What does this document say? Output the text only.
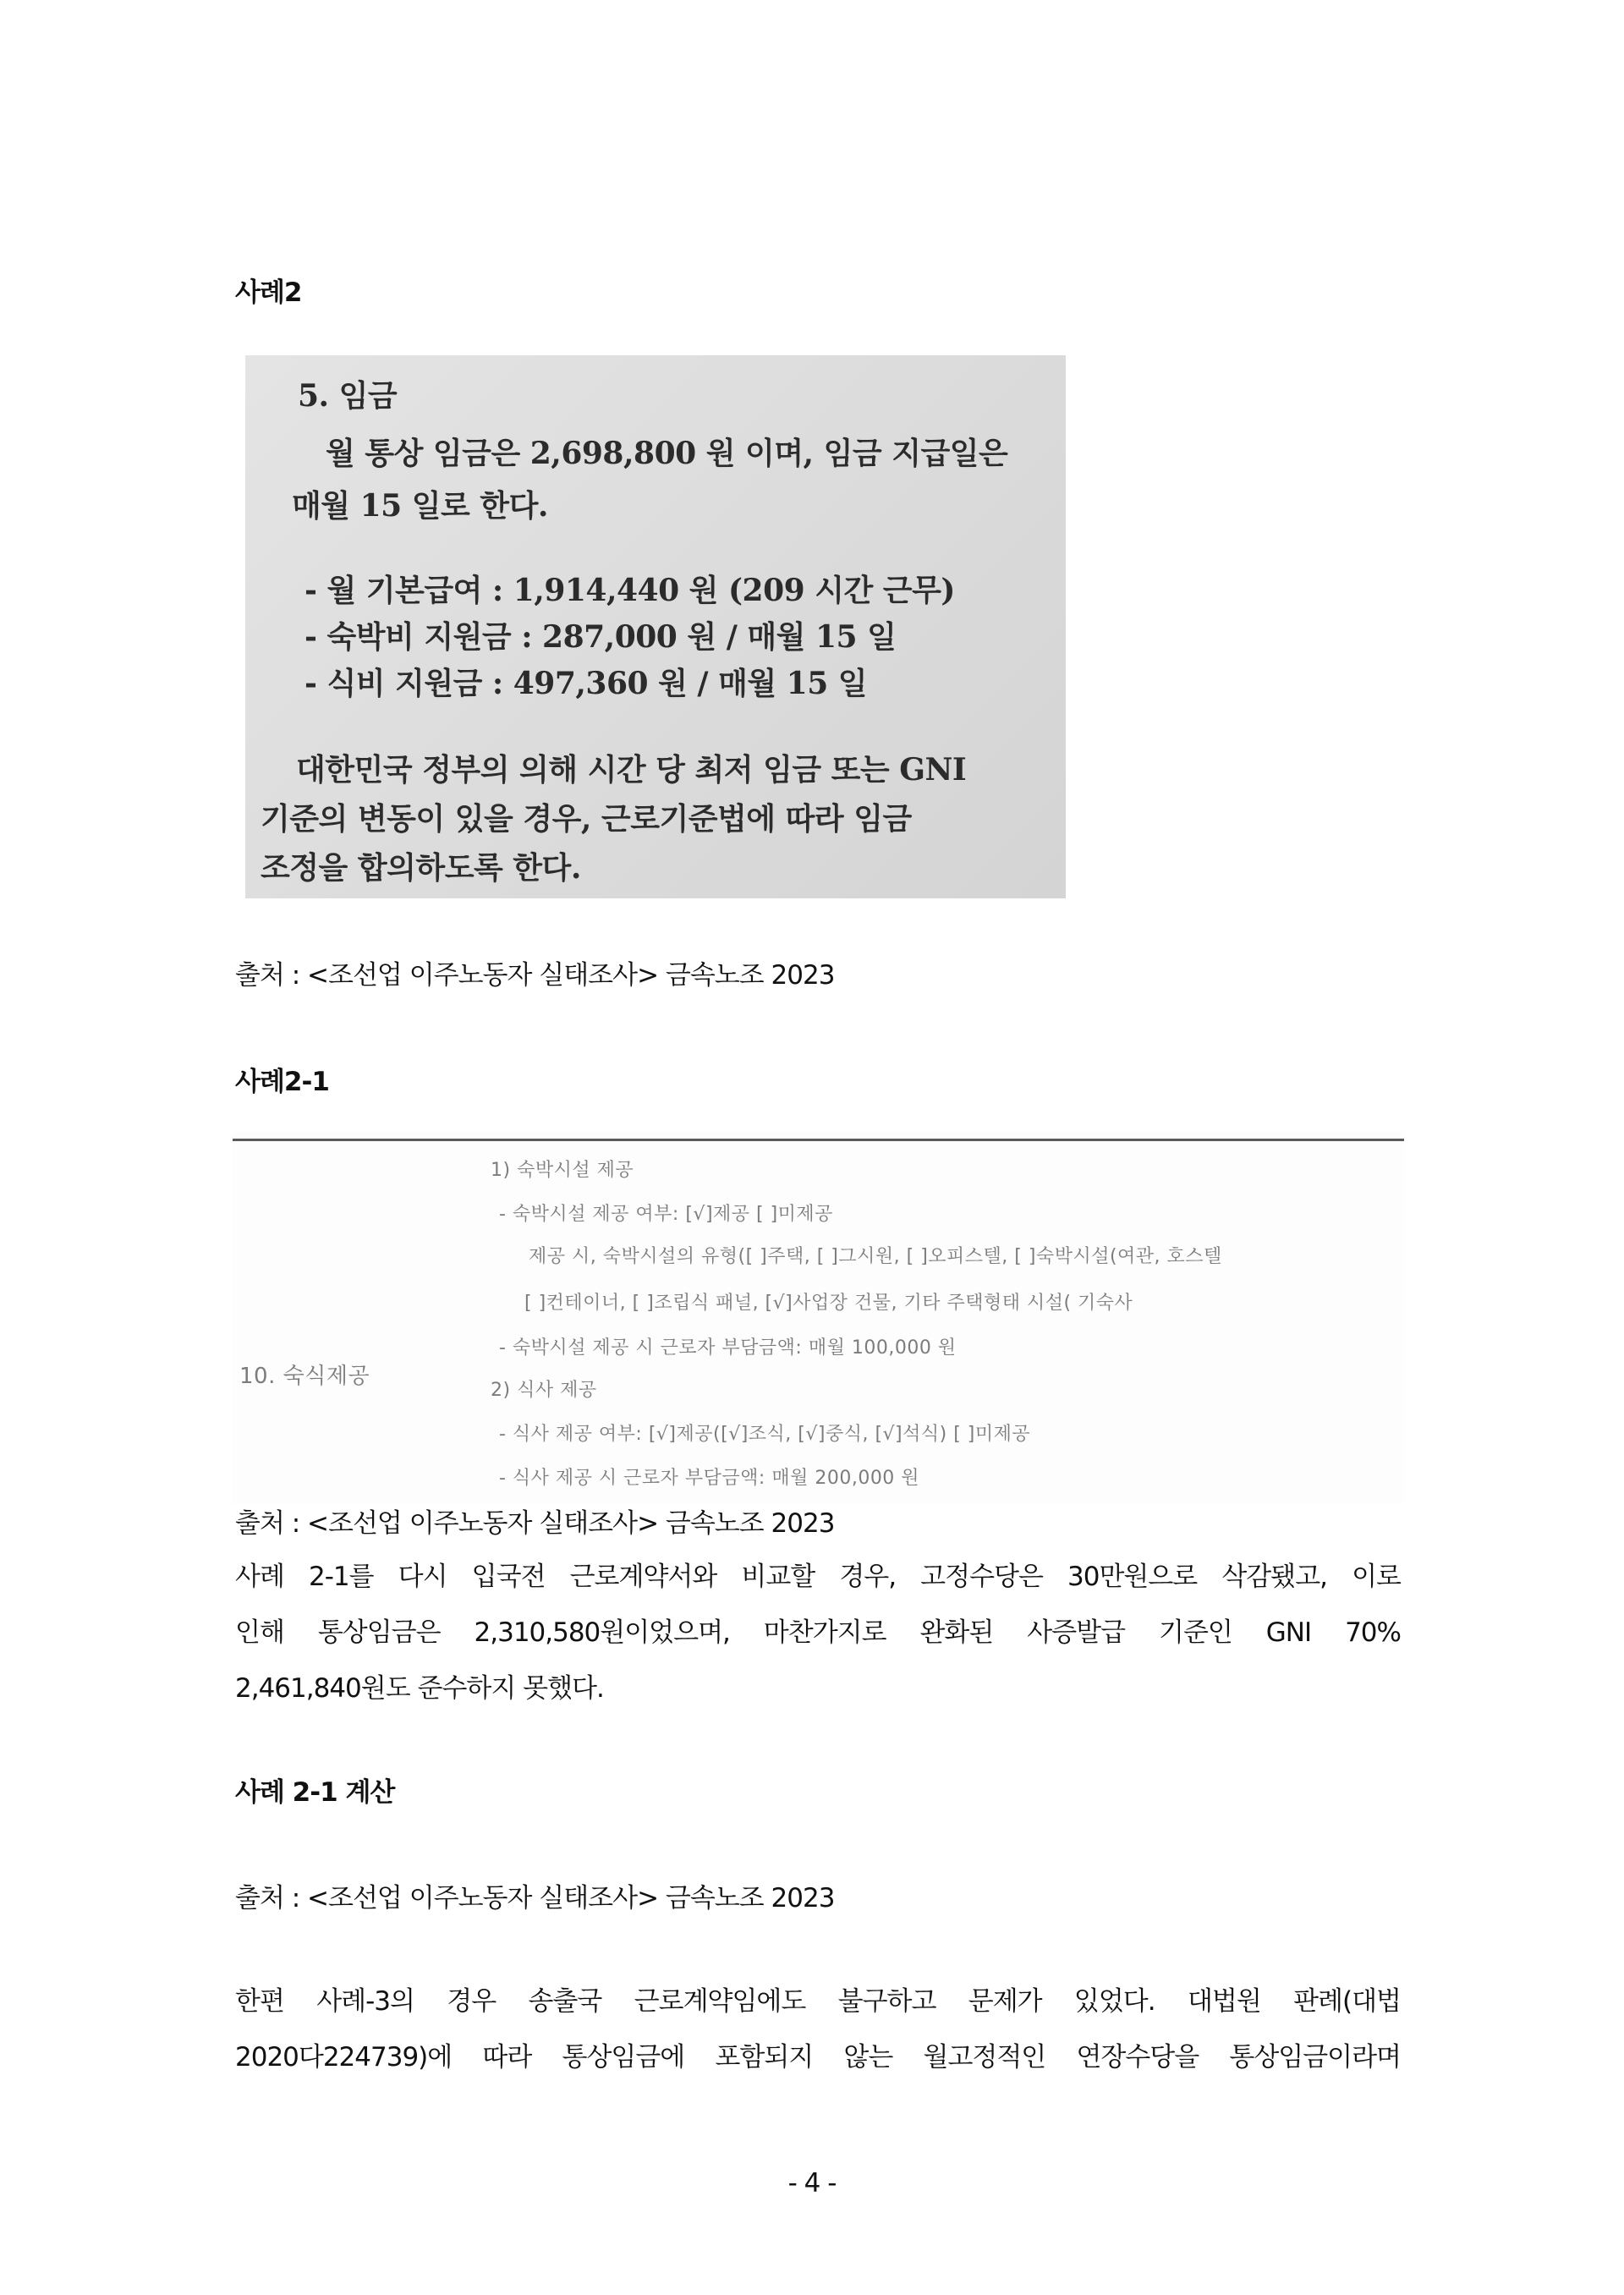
사례2
5. 임금
월 통상 임금은 2,698,800 원 이며, 임금 지급일은
매월 15 일로 한다.
- 월 기본급여 : 1,914,440 원 (209 시간 근무)
- 숙박비 지원금 : 287,000 원 / 매월 15 일
- 식비 지원금 : 497,360 원 / 매월 15 일
대한민국 정부의 의해 시간 당 최저 임금 또는 GNI
기준의 변동이 있을 경우, 근로기준법에 따라 임금
조정을 합의하도록 한다.
출처 : <조선업 이주노동자 실태조사> 금속노조 2023
사례2-1
10. 숙식제공
1) 숙박시설 제공
- 숙박시설 제공 여부: [√]제공 [ ]미제공
제공 시, 숙박시설의 유형([ ]주택, [ ]그시원, [ ]오피스텔, [ ]숙박시설(여관, 호스텔
[ ]컨테이너, [ ]조립식 패널, [√]사업장 건물, 기타 주택형태 시설( 기숙사
- 숙박시설 제공 시 근로자 부담금액: 매월 100,000 원
2) 식사 제공
- 식사 제공 여부: [√]제공([√]조식, [√]중식, [√]석식) [ ]미제공
- 식사 제공 시 근로자 부담금액: 매월 200,000 원
출처 : <조선업 이주노동자 실태조사> 금속노조 2023
사례 2-1를 다시 입국전 근로계약서와 비교할 경우, 고정수당은 30만원으로 삭감됐고, 이로
인해 통상임금은 2,310,580원이었으며, 마찬가지로 완화된 사증발급 기준인 GNI 70%
2,461,840원도 준수하지 못했다.
사례 2-1 계산
출처 : <조선업 이주노동자 실태조사> 금속노조 2023
한편 사례-3의 경우 송출국 근로계약임에도 불구하고 문제가 있었다. 대법원 판례(대법
2020다224739)에 따라 통상임금에 포함되지 않는 월고정적인 연장수당을 통상임금이라며
- 4 -
